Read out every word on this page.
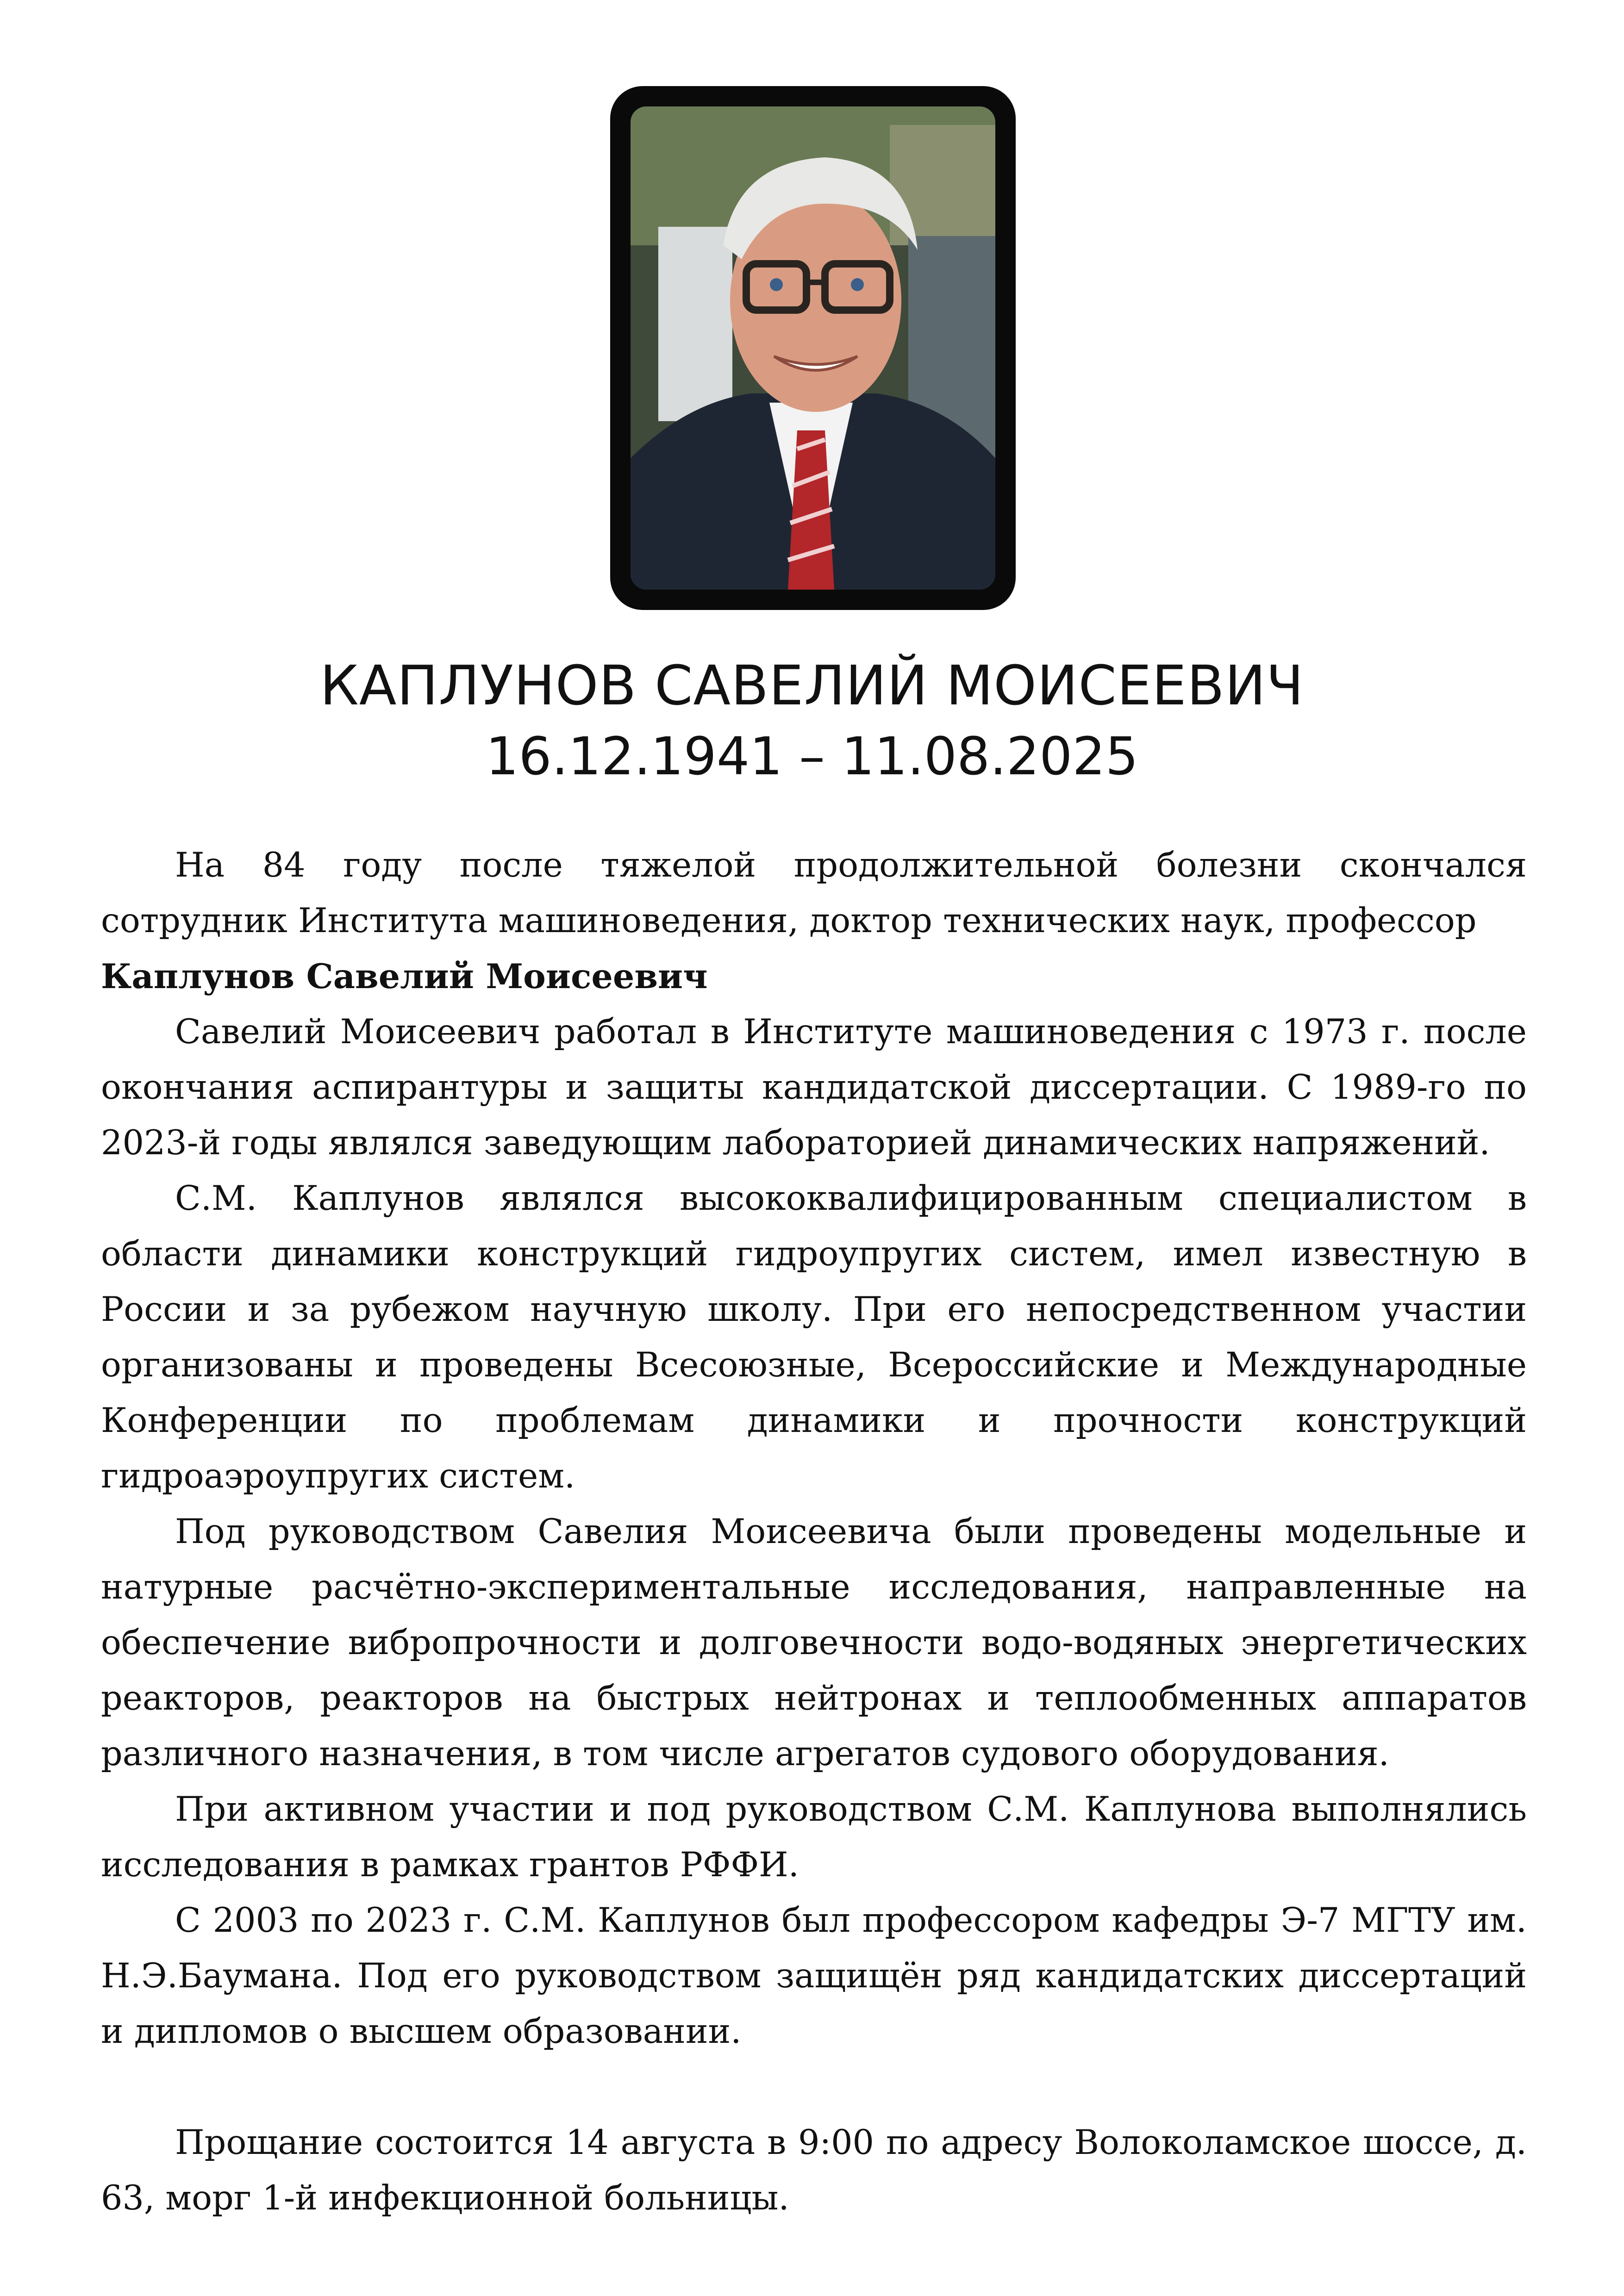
КАПЛУНОВ САВЕЛИЙ МОИСЕЕВИЧ
16.12.1941 – 11.08.2025

На 84 году после тяжелой продолжительной болезни скончался сотрудник Института машиноведения, доктор технических наук, профессор

Каплунов Савелий Моисеевич

Савелий Моисеевич работал в Институте машиноведения с 1973 г. после окончания аспирантуры и защиты кандидатской диссертации. С 1989-го по 2023-й годы являлся заведующим лабораторией динамических напряжений.

С.М. Каплунов являлся высококвалифицированным специалистом в области динамики конструкций гидроупругих систем, имел известную в России и за рубежом научную школу. При его непосредственном участии организованы и проведены Всесоюзные, Всероссийские и Международные Конференции по проблемам динамики и прочности конструкций гидроаэроупругих систем.

Под руководством Савелия Моисеевича были проведены модельные и натурные расчётно-экспериментальные исследования, направленные на обеспечение вибропрочности и долговечности водо-водяных энергетических реакторов, реакторов на быстрых нейтронах и теплообменных аппаратов различного назначения, в том числе агрегатов судового оборудования.

При активном участии и под руководством С.М. Каплунова выполнялись исследования в рамках грантов РФФИ.

С 2003 по 2023 г. С.М. Каплунов был профессором кафедры Э-7 МГТУ им. Н.Э.Баумана. Под его руководством защищён ряд кандидатских диссертаций и дипломов о высшем образовании.

Прощание состоится 14 августа в 9:00 по адресу Волоколамское шоссе, д. 63, морг 1-й инфекционной больницы.
